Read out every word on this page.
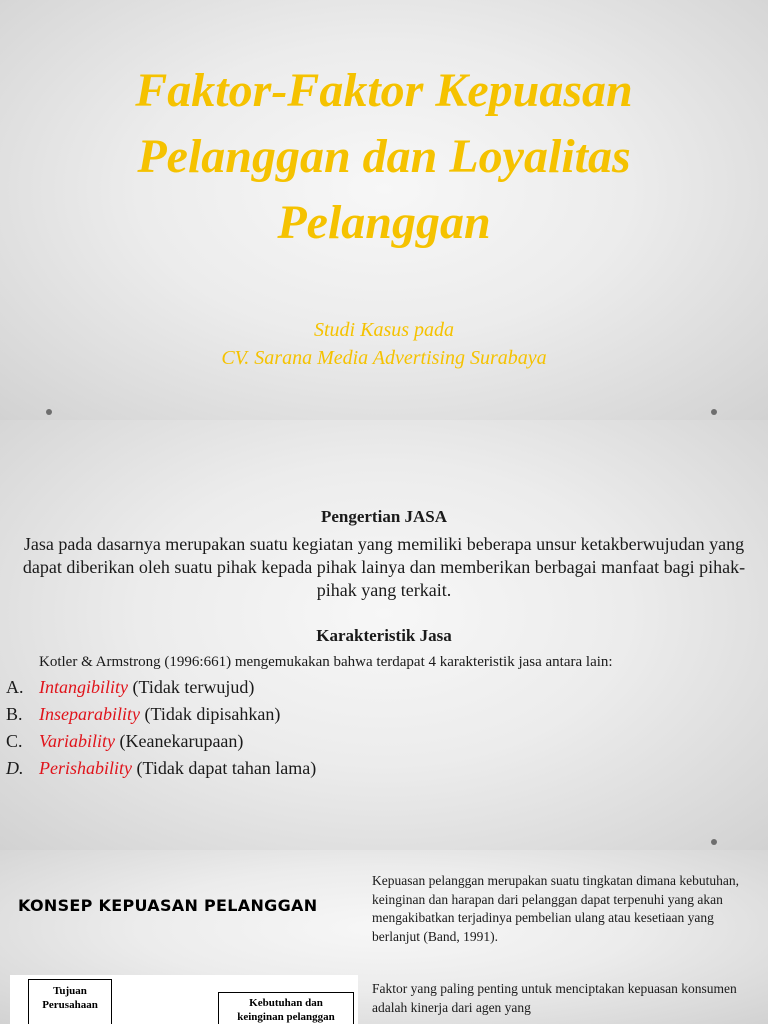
Faktor-Faktor Kepuasan
Pelanggan dan Loyalitas
Pelanggan
Studi Kasus pada
CV. Sarana Media Advertising Surabaya
Pengertian JASA

Jasa pada dasarnya merupakan suatu kegiatan yang memiliki beberapa unsur ketakberwujudan yang dapat diberikan oleh suatu pihak kepada pihak lainya dan memberikan berbagai manfaat bagi pihak-pihak yang terkait.

Karakteristik Jasa

Kotler & Armstrong (1996:661) mengemukakan bahwa terdapat 4 karakteristik jasa antara lain:

A. Intangibility (Tidak terwujud)
B. Inseparability (Tidak dipisahkan)
C. Variability (Keanekarupaan)
D. Perishability (Tidak dapat tahan lama)
KONSEP KEPUASAN PELANGGAN

Kepuasan pelanggan merupakan suatu tingkatan dimana kebutuhan, keinginan dan harapan dari pelanggan dapat terpenuhi yang akan mengakibatkan terjadinya pembelian ulang atau kesetiaan yang berlanjut (Band, 1991).

Faktor yang paling penting untuk menciptakan kepuasan konsumen adalah kinerja dari agen yang

Tujuan
Perusahaan	Kebutuhan dan
keinginan pelanggan
